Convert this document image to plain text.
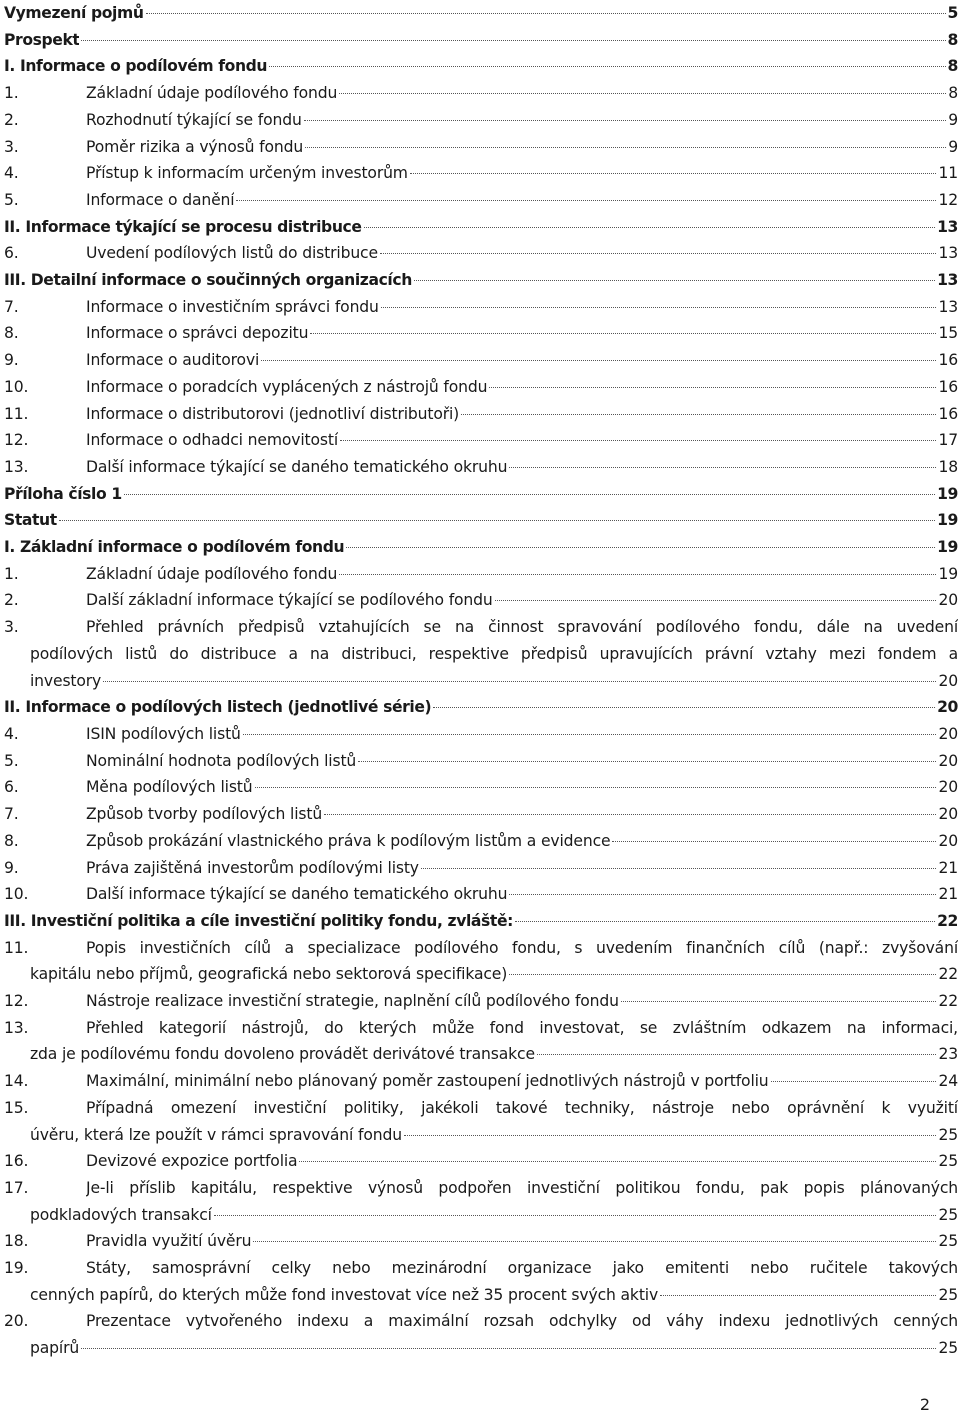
Vymezení pojmů	5
Prospekt	8
I. Informace o podílovém fondu	8
1.	Základní údaje podílového fondu	8
2.	Rozhodnutí týkající se fondu	9
3.	Poměr rizika a výnosů fondu	9
4.	Přístup k informacím určeným investorům	11
5.	Informace o danění	12
II. Informace týkající se procesu distribuce	13
6.	Uvedení podílových listů do distribuce	13
III. Detailní informace o součinných organizacích	13
7.	Informace o investičním správci fondu	13
8.	Informace o správci depozitu	15
9.	Informace o auditorovi	16
10.	Informace o poradcích vyplácených z nástrojů fondu	16
11.	Informace o distributorovi (jednotliví distributoři)	16
12.	Informace o odhadci nemovitostí	17
13.	Další informace týkající se daného tematického okruhu	18
Příloha číslo 1	19
Statut	19
I. Základní informace o podílovém fondu	19
1.	Základní údaje podílového fondu	19
2.	Další základní informace týkající se podílového fondu	20
3.	Přehled právních předpisů vztahujících se na činnost spravování podílového fondu, dále na uvedení
podílových listů do distribuce a na distribuci, respektive předpisů upravujících právní vztahy mezi fondem a
investory	20
II. Informace o podílových listech (jednotlivé série)	20
4.	ISIN podílových listů	20
5.	Nominální hodnota podílových listů	20
6.	Měna podílových listů	20
7.	Způsob tvorby podílových listů	20
8.	Způsob prokázání vlastnického práva k podílovým listům a evidence	20
9.	Práva zajištěná investorům podílovými listy	21
10.	Další informace týkající se daného tematického okruhu	21
III. Investiční politika a cíle investiční politiky fondu, zvláště:	22
11.	Popis investičních cílů a specializace podílového fondu, s uvedením finančních cílů (např.: zvyšování
kapitálu nebo příjmů, geografická nebo sektorová specifikace)	22
12.	Nástroje realizace investiční strategie, naplnění cílů podílového fondu	22
13.	Přehled kategorií nástrojů, do kterých může fond investovat, se zvláštním odkazem na informaci,
zda je podílovému fondu dovoleno provádět derivátové transakce	23
14.	Maximální, minimální nebo plánovaný poměr zastoupení jednotlivých nástrojů v portfoliu	24
15.	Případná omezení investiční politiky, jakékoli takové techniky, nástroje nebo oprávnění k využití
úvěru, která lze použít v rámci spravování fondu	25
16.	Devizové expozice portfolia	25
17.	Je-li příslib kapitálu, respektive výnosů podpořen investiční politikou fondu, pak popis plánovaných
podkladových transakcí	25
18.	Pravidla využití úvěru	25
19.	Státy, samosprávní celky nebo mezinárodní organizace jako emitenti nebo ručitele takových
cenných papírů, do kterých může fond investovat více než 35 procent svých aktiv	25
20.	Prezentace vytvořeného indexu a maximální rozsah odchylky od váhy indexu jednotlivých cenných
papírů	25
2
